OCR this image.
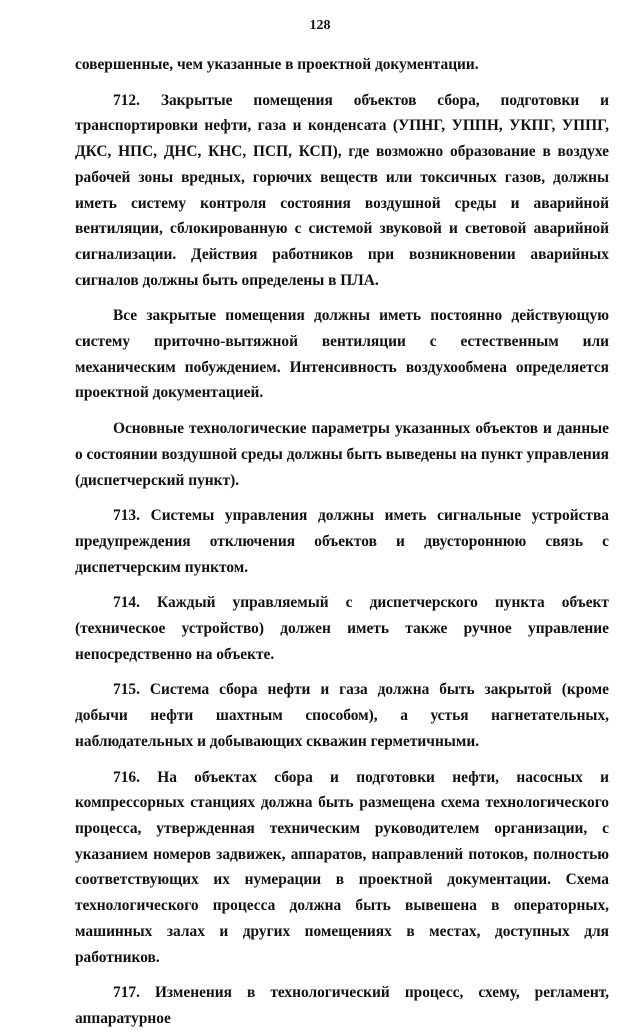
128

совершенные, чем указанные в проектной документации.

712. Закрытые помещения объектов сбора, подготовки и транспортировки нефти, газа и конденсата (УПНГ, УППН, УКПГ, УППГ, ДКС, НПС, ДНС, КНС, ПСП, КСП), где возможно образование в воздухе рабочей зоны вредных, горючих веществ или токсичных газов, должны иметь систему контроля состояния воздушной среды и аварийной вентиляции, сблокированную с системой звуковой и световой аварийной сигнализации. Действия работников при возникновении аварийных сигналов должны быть определены в ПЛА.

Все закрытые помещения должны иметь постоянно действующую систему приточно-вытяжной вентиляции с естественным или механическим побуждением. Интенсивность воздухообмена определяется проектной документацией.

Основные технологические параметры указанных объектов и данные о состоянии воздушной среды должны быть выведены на пункт управления (диспетчерский пункт).

713. Системы управления должны иметь сигнальные устройства предупреждения отключения объектов и двустороннюю связь с диспетчерским пунктом.

714. Каждый управляемый с диспетчерского пункта объект (техническое устройство) должен иметь также ручное управление непосредственно на объекте.

715. Система сбора нефти и газа должна быть закрытой (кроме добычи нефти шахтным способом), а устья нагнетательных, наблюдательных и добывающих скважин герметичными.

716. На объектах сбора и подготовки нефти, насосных и компрессорных станциях должна быть размещена схема технологического процесса, утвержденная техническим руководителем организации, с указанием номеров задвижек, аппаратов, направлений потоков, полностью соответствующих их нумерации в проектной документации. Схема технологического процесса должна быть вывешена в операторных, машинных залах и других помещениях в местах, доступных для работников.

717. Изменения в технологический процесс, схему, регламент, аппаратурное
